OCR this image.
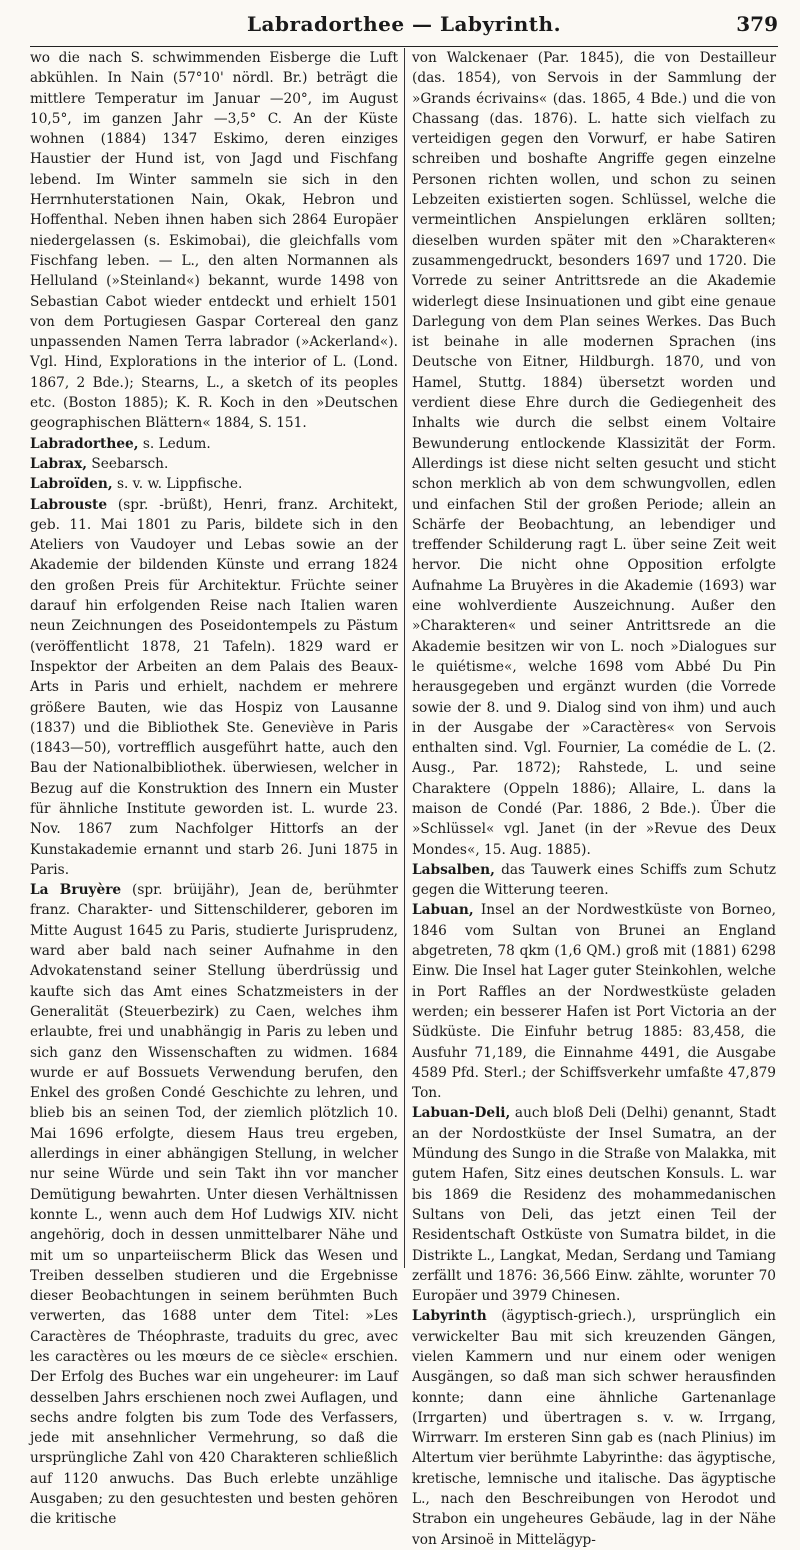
Labradorthee — Labyrinth.	379

wo die nach S. schwimmenden Eisberge die Luft abkühlen. In Nain (57°10' nördl. Br.) beträgt die mittlere Temperatur im Januar —20°, im August 10,5°, im ganzen Jahr —3,5° C. An der Küste wohnen (1884) 1347 Eskimo, deren einziges Haustier der Hund ist, von Jagd und Fischfang lebend. Im Winter sammeln sie sich in den Herrnhuterstationen Nain, Okak, Hebron und Hoffenthal. Neben ihnen haben sich 2864 Europäer niedergelassen (s. Eskimobai), die gleichfalls vom Fischfang leben. — L., den alten Normannen als Helluland (»Steinland«) bekannt, wurde 1498 von Sebastian Cabot wieder entdeckt und erhielt 1501 von dem Portugiesen Gaspar Cortereal den ganz unpassenden Namen Terra labrador (»Ackerland«). Vgl. Hind, Explorations in the interior of L. (Lond. 1867, 2 Bde.); Stearns, L., a sketch of its peoples etc. (Boston 1885); K. R. Koch in den »Deutschen geographischen Blättern« 1884, S. 151.

Labradorthee, s. Ledum.

Labrax, Seebarsch.

Labroïden, s. v. w. Lippfische.

Labrouste (spr. -brüßt), Henri, franz. Architekt, geb. 11. Mai 1801 zu Paris, bildete sich in den Ateliers von Vaudoyer und Lebas sowie an der Akademie der bildenden Künste und errang 1824 den großen Preis für Architektur. Früchte seiner darauf hin erfolgenden Reise nach Italien waren neun Zeichnungen des Poseidontempels zu Pästum (veröffentlicht 1878, 21 Tafeln). 1829 ward er Inspektor der Arbeiten an dem Palais des Beaux-Arts in Paris und erhielt, nachdem er mehrere größere Bauten, wie das Hospiz von Lausanne (1837) und die Bibliothek Ste. Geneviève in Paris (1843—50), vortrefflich ausgeführt hatte, auch den Bau der Nationalbibliothek. überwiesen, welcher in Bezug auf die Konstruktion des Innern ein Muster für ähnliche Institute geworden ist. L. wurde 23. Nov. 1867 zum Nachfolger Hittorfs an der Kunstakademie ernannt und starb 26. Juni 1875 in Paris.

La Bruyère (spr. brüijähr), Jean de, berühmter franz. Charakter- und Sittenschilderer, geboren im Mitte August 1645 zu Paris, studierte Jurisprudenz, ward aber bald nach seiner Aufnahme in den Advokatenstand seiner Stellung überdrüssig und kaufte sich das Amt eines Schatzmeisters in der Generalität (Steuerbezirk) zu Caen, welches ihm erlaubte, frei und unabhängig in Paris zu leben und sich ganz den Wissenschaften zu widmen. 1684 wurde er auf Bossuets Verwendung berufen, den Enkel des großen Condé Geschichte zu lehren, und blieb bis an seinen Tod, der ziemlich plötzlich 10. Mai 1696 erfolgte, diesem Haus treu ergeben, allerdings in einer abhängigen Stellung, in welcher nur seine Würde und sein Takt ihn vor mancher Demütigung bewahrten. Unter diesen Verhältnissen konnte L., wenn auch dem Hof Ludwigs XIV. nicht angehörig, doch in dessen unmittelbarer Nähe und mit um so unparteiischerm Blick das Wesen und Treiben desselben studieren und die Ergebnisse dieser Beobachtungen in seinem berühmten Buch verwerten, das 1688 unter dem Titel: »Les Caractères de Théophraste, traduits du grec, avec les caractères ou les mœurs de ce siècle« erschien. Der Erfolg des Buches war ein ungeheurer: im Lauf desselben Jahrs erschienen noch zwei Auflagen, und sechs andre folgten bis zum Tode des Verfassers, jede mit ansehnlicher Vermehrung, so daß die ursprüngliche Zahl von 420 Charakteren schließlich auf 1120 anwuchs. Das Buch erlebte unzählige Ausgaben; zu den gesuchtesten und besten gehören die kritische

von Walckenaer (Par. 1845), die von Destailleur (das. 1854), von Servois in der Sammlung der »Grands écrivains« (das. 1865, 4 Bde.) und die von Chassang (das. 1876). L. hatte sich vielfach zu verteidigen gegen den Vorwurf, er habe Satiren schreiben und boshafte Angriffe gegen einzelne Personen richten wollen, und schon zu seinen Lebzeiten existierten sogen. Schlüssel, welche die vermeintlichen Anspielungen erklären sollten; dieselben wurden später mit den »Charakteren« zusammengedruckt, besonders 1697 und 1720. Die Vorrede zu seiner Antrittsrede an die Akademie widerlegt diese Insinuationen und gibt eine genaue Darlegung von dem Plan seines Werkes. Das Buch ist beinahe in alle modernen Sprachen (ins Deutsche von Eitner, Hildburgh. 1870, und von Hamel, Stuttg. 1884) übersetzt worden und verdient diese Ehre durch die Gediegenheit des Inhalts wie durch die selbst einem Voltaire Bewunderung entlockende Klassizität der Form. Allerdings ist diese nicht selten gesucht und sticht schon merklich ab von dem schwungvollen, edlen und einfachen Stil der großen Periode; allein an Schärfe der Beobachtung, an lebendiger und treffender Schilderung ragt L. über seine Zeit weit hervor. Die nicht ohne Opposition erfolgte Aufnahme La Bruyères in die Akademie (1693) war eine wohlverdiente Auszeichnung. Außer den »Charakteren« und seiner Antrittsrede an die Akademie besitzen wir von L. noch »Dialogues sur le quiétisme«, welche 1698 vom Abbé Du Pin herausgegeben und ergänzt wurden (die Vorrede sowie der 8. und 9. Dialog sind von ihm) und auch in der Ausgabe der »Caractères« von Servois enthalten sind. Vgl. Fournier, La comédie de L. (2. Ausg., Par. 1872); Rahstede, L. und seine Charaktere (Oppeln 1886); Allaire, L. dans la maison de Condé (Par. 1886, 2 Bde.). Über die »Schlüssel« vgl. Janet (in der »Revue des Deux Mondes«, 15. Aug. 1885).

Labsalben, das Tauwerk eines Schiffs zum Schutz gegen die Witterung teeren.

Labuan, Insel an der Nordwestküste von Borneo, 1846 vom Sultan von Brunei an England abgetreten, 78 qkm (1,6 QM.) groß mit (1881) 6298 Einw. Die Insel hat Lager guter Steinkohlen, welche in Port Raffles an der Nordwestküste geladen werden; ein besserer Hafen ist Port Victoria an der Südküste. Die Einfuhr betrug 1885: 83,458, die Ausfuhr 71,189, die Einnahme 4491, die Ausgabe 4589 Pfd. Sterl.; der Schiffsverkehr umfaßte 47,879 Ton.

Labuan-Deli, auch bloß Deli (Delhi) genannt, Stadt an der Nordostküste der Insel Sumatra, an der Mündung des Sungo in die Straße von Malakka, mit gutem Hafen, Sitz eines deutschen Konsuls. L. war bis 1869 die Residenz des mohammedanischen Sultans von Deli, das jetzt einen Teil der Residentschaft Ostküste von Sumatra bildet, in die Distrikte L., Langkat, Medan, Serdang und Tamiang zerfällt und 1876: 36,566 Einw. zählte, worunter 70 Europäer und 3979 Chinesen.

Labyrinth (ägyptisch-griech.), ursprünglich ein verwickelter Bau mit sich kreuzenden Gängen, vielen Kammern und nur einem oder wenigen Ausgängen, so daß man sich schwer herausfinden konnte; dann eine ähnliche Gartenanlage (Irrgarten) und übertragen s. v. w. Irrgang, Wirrwarr. Im ersteren Sinn gab es (nach Plinius) im Altertum vier berühmte Labyrinthe: das ägyptische, kretische, lemnische und italische. Das ägyptische L., nach den Beschreibungen von Herodot und Strabon ein ungeheures Gebäude, lag in der Nähe von Arsinoë in Mittelägyp-
